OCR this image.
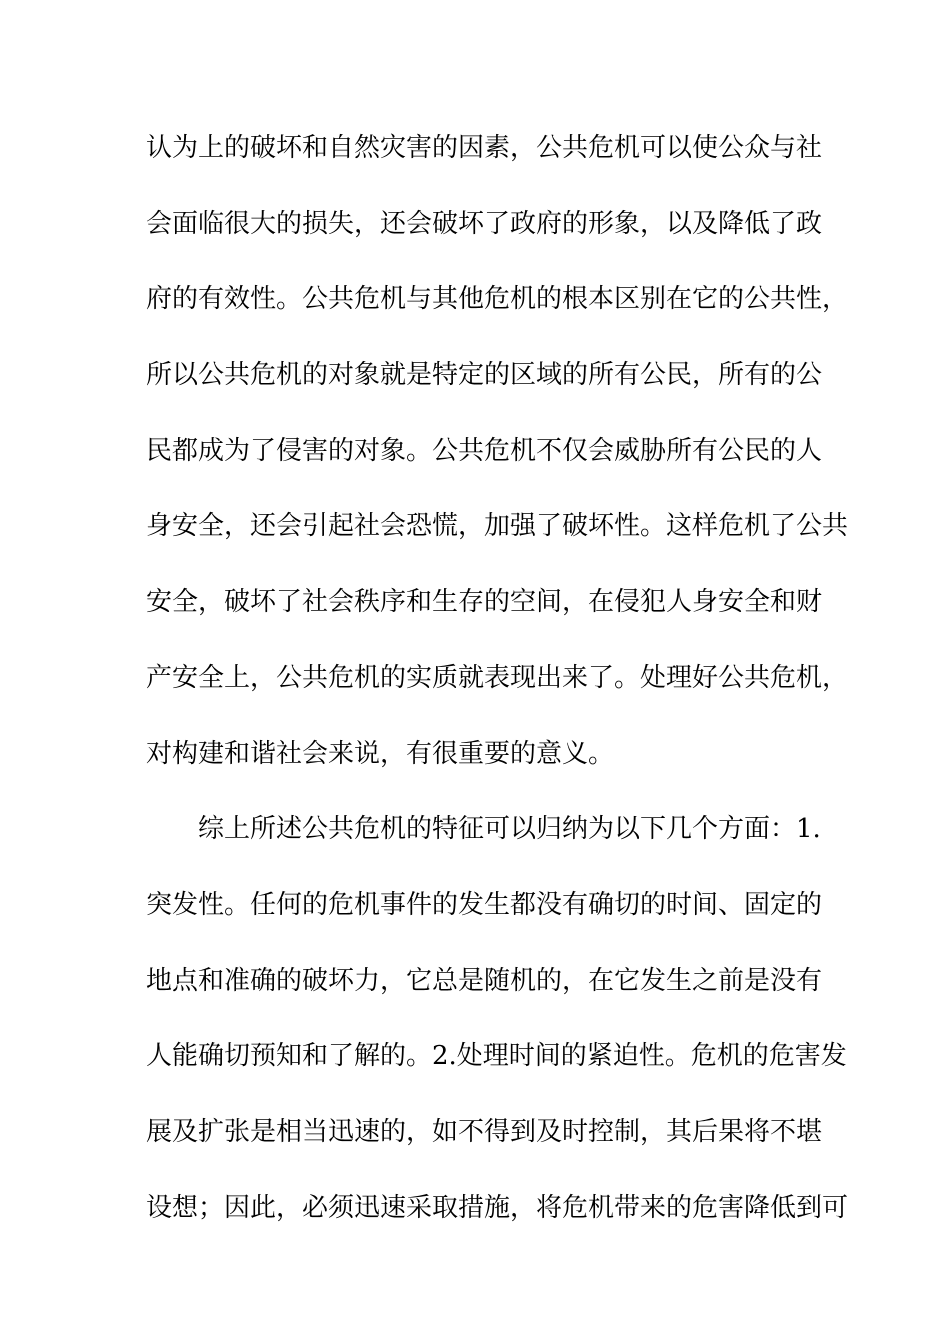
认为上的破坏和自然灾害的因素，公共危机可以使公众与社
会面临很大的损失，还会破坏了政府的形象，以及降低了政
府的有效性。公共危机与其他危机的根本区别在它的公共性，
所以公共危机的对象就是特定的区域的所有公民，所有的公
民都成为了侵害的对象。公共危机不仅会威胁所有公民的人
身安全，还会引起社会恐慌，加强了破坏性。这样危机了公共
安全，破坏了社会秩序和生存的空间，在侵犯人身安全和财
产安全上，公共危机的实质就表现出来了。处理好公共危机，
对构建和谐社会来说，有很重要的意义。
综上所述公共危机的特征可以归纳为以下几个方面：1.
突发性。任何的危机事件的发生都没有确切的时间、固定的
地点和准确的破坏力，它总是随机的，在它发生之前是没有
人能确切预知和了解的。2.处理时间的紧迫性。危机的危害发
展及扩张是相当迅速的，如不得到及时控制，其后果将不堪
设想；因此，必须迅速采取措施，将危机带来的危害降低到可
